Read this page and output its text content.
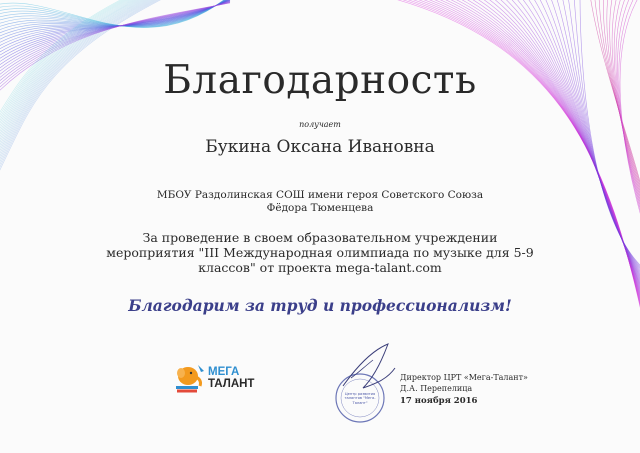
Благодарность
получает
Букина Оксана Ивановна
МБОУ Раздолинская СОШ имени героя Советского Союза Фёдора Тюменцева
За проведение в своем образовательном учреждении мероприятия "III Международная олимпиада по музыке для 5-9 классов" от проекта mega-talant.com
Благодарим за труд и профессионализм!
МЕГА
ТАЛАНТ
Центр развития талантов "Мега-Талант"
Директор ЦРТ «Мега-Талант»
Д.А. Перепелица
17 ноября 2016
